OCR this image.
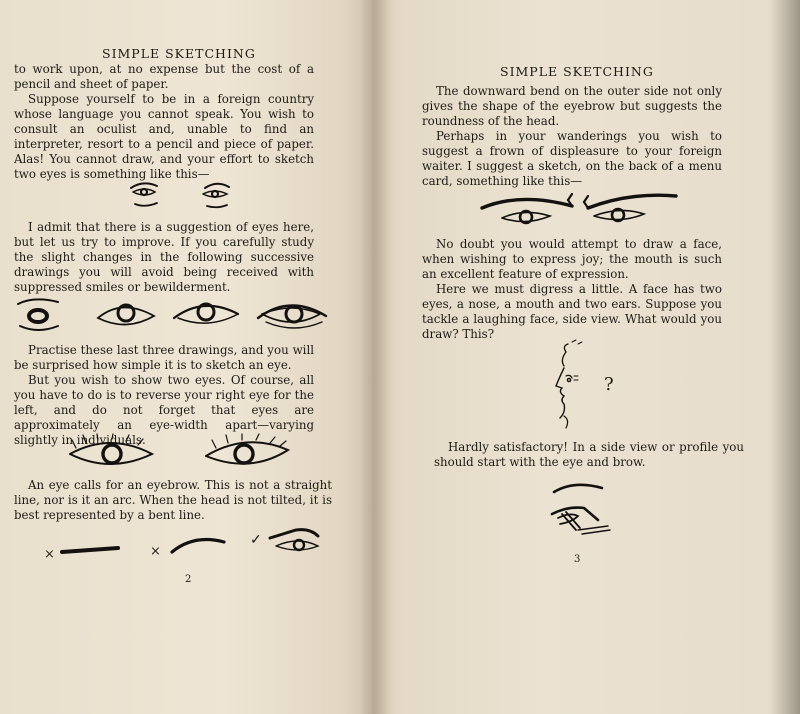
SIMPLE SKETCHING

to work upon, at no expense but the cost of a pencil and sheet of paper.

Suppose yourself to be in a foreign country whose language you cannot speak. You wish to consult an oculist and, unable to find an interpreter, resort to a pencil and piece of paper. Alas! You cannot draw, and your effort to sketch two eyes is something like this—

I admit that there is a suggestion of eyes here, but let us try to improve. If you carefully study the slight changes in the following successive drawings you will avoid being received with suppressed smiles or bewilderment.

Practise these last three drawings, and you will be surprised how simple it is to sketch an eye.

But you wish to show two eyes. Of course, all you have to do is to reverse your right eye for the left, and do not forget that eyes are approximately an eye-width apart—varying slightly in individuals.

An eye calls for an eyebrow. This is not a straight line, nor is it an arc. When the head is not tilted, it is best represented by a bent line.

×	×
✓
2
SIMPLE SKETCHING

The downward bend on the outer side not only gives the shape of the eyebrow but suggests the roundness of the head.

Perhaps in your wanderings you wish to suggest a frown of displeasure to your foreign waiter. I suggest a sketch, on the back of a menu card, something like this—

No doubt you would attempt to draw a face, when wishing to express joy; the mouth is such an excellent feature of expression.

Here we must digress a little. A face has two eyes, a nose, a mouth and two ears. Suppose you tackle a laughing face, side view. What would you draw? This?

?

Hardly satisfactory! In a side view or profile you should start with the eye and brow.

3
